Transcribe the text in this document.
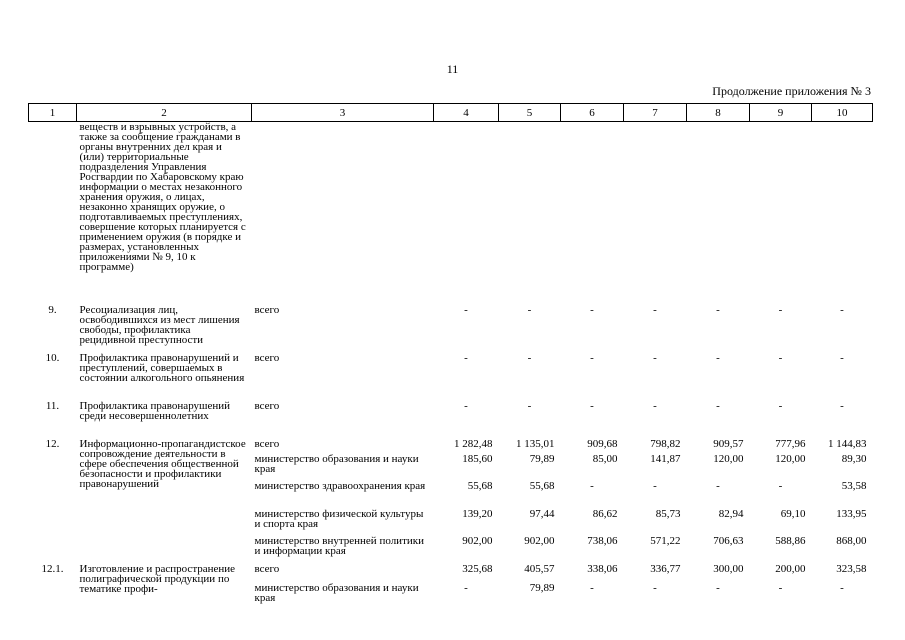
11
Продолжение приложения № 3
1	2	3	4	5	6	7	8	9	10
	веществ и взрывных устройств, а также за сообщение гражданами в органы внутренних дел края и (или) территориальные подразделения Управления Росгвардии по Хабаровскому краю информации о местах незаконного хранения оружия, о лицах, незаконно хранящих оружие, о подготавливаемых преступлениях, совершение которых планируется с применением оружия (в порядке и размерах, установленных приложениями № 9, 10 к программе)								
9.	Ресоциализация лиц, освободившихся из мест лишения свободы, профилактика рецидивной преступности	всего	-	-	-	-	-	-	-
10.	Профилактика правонарушений и преступлений, совершаемых в состоянии алкогольного опьянения	всего	-	-	-	-	-	-	-
11.	Профилактика правонарушений среди несовершеннолетних	всего	-	-	-	-	-	-	-
12.	Информационно-пропагандистское сопровождение деятельности в сфере обеспечения общественной безопасности и профилактики правонарушений	всего	1 282,48	1 135,01	909,68	798,82	909,57	777,96	1 144,83
		министерство образования и науки края	185,60	79,89	85,00	141,87	120,00	120,00	89,30
		министерство здравоохранения края	55,68	55,68	-	-	-	-	53,58
		министерство физической культуры и спорта края	139,20	97,44	86,62	85,73	82,94	69,10	133,95
		министерство внутренней политики и информации края	902,00	902,00	738,06	571,22	706,63	588,86	868,00
12.1.	Изготовление и распространение полиграфической продукции по тематике профи-	всего	325,68	405,57	338,06	336,77	300,00	200,00	323,58
		министерство образования и науки края	-	79,89	-	-	-	-	-
